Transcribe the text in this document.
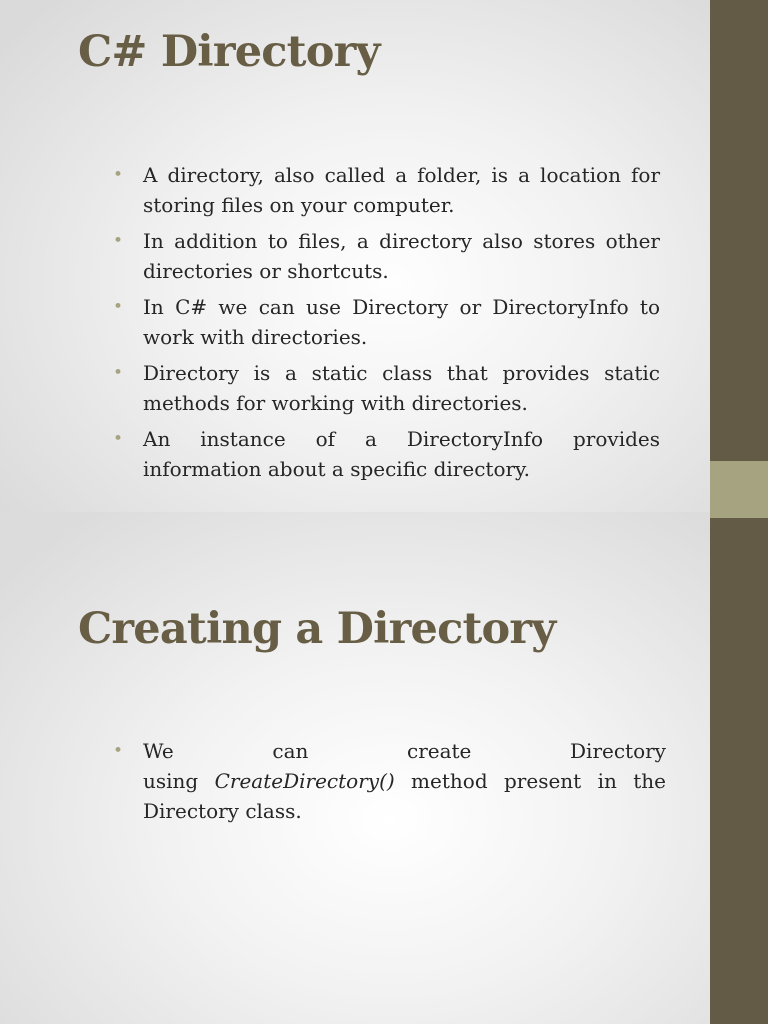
C# Directory
• A directory, also called a folder, is a location for storing files on your computer.
• In addition to files, a directory also stores other directories or shortcuts.
• In C# we can use Directory or DirectoryInfo to work with directories.
• Directory is a static class that provides static methods for working with directories.
• An instance of a DirectoryInfo provides information about a specific directory.
Creating a Directory
• We	can	create	Directory
using CreateDirectory() method present in the Directory class.
